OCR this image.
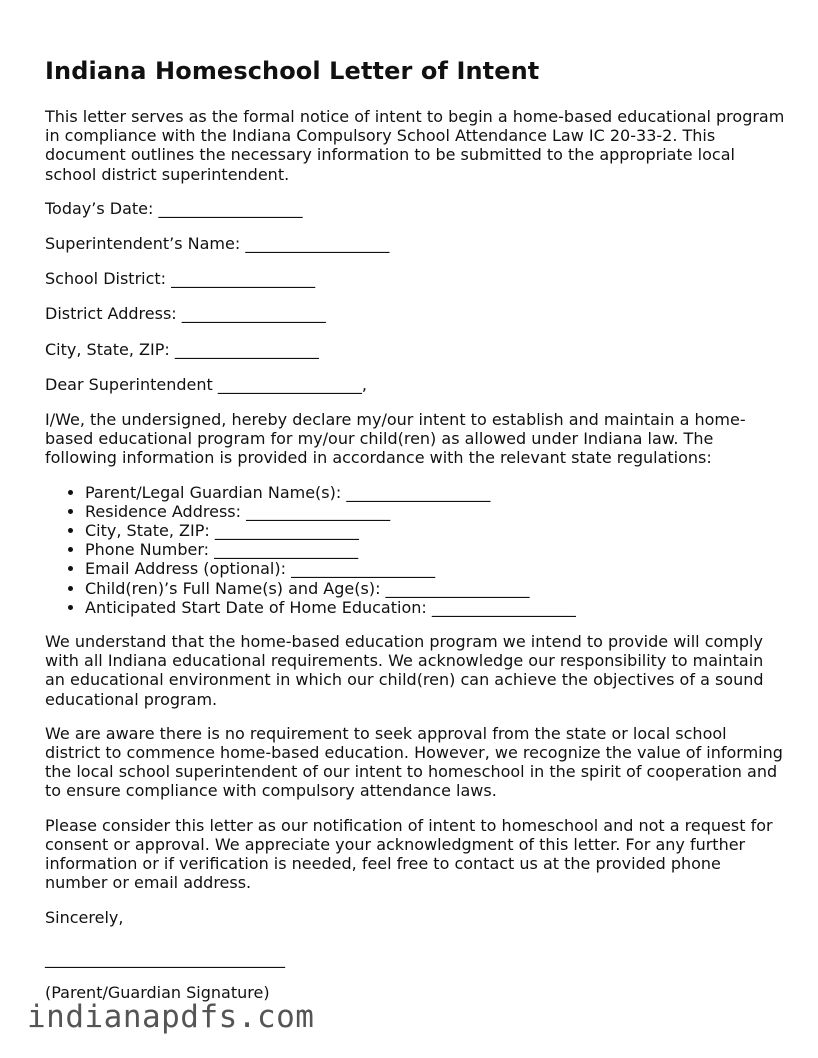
Indiana Homeschool Letter of Intent

This letter serves as the formal notice of intent to begin a home-based educational program in compliance with the Indiana Compulsory School Attendance Law IC 20-33-2. This document outlines the necessary information to be submitted to the appropriate local school district superintendent.

Today’s Date: __________________
Superintendent’s Name: __________________
School District: __________________
District Address: __________________
City, State, ZIP: __________________
Dear Superintendent __________________,

I/We, the undersigned, hereby declare my/our intent to establish and maintain a home-based educational program for my/our child(ren) as allowed under Indiana law. The following information is provided in accordance with the relevant state regulations:

• Parent/Legal Guardian Name(s): __________________
• Residence Address: __________________
• City, State, ZIP: __________________
• Phone Number: __________________
• Email Address (optional): __________________
• Child(ren)’s Full Name(s) and Age(s): __________________
• Anticipated Start Date of Home Education: __________________

We understand that the home-based education program we intend to provide will comply with all Indiana educational requirements. We acknowledge our responsibility to maintain an educational environment in which our child(ren) can achieve the objectives of a sound educational program.

We are aware there is no requirement to seek approval from the state or local school district to commence home-based education. However, we recognize the value of informing the local school superintendent of our intent to homeschool in the spirit of cooperation and to ensure compliance with compulsory attendance laws.

Please consider this letter as our notification of intent to homeschool and not a request for consent or approval. We appreciate your acknowledgment of this letter. For any further information or if verification is needed, feel free to contact us at the provided phone number or email address.

Sincerely,

______________________________
(Parent/Guardian Signature)
indianapdfs.com
